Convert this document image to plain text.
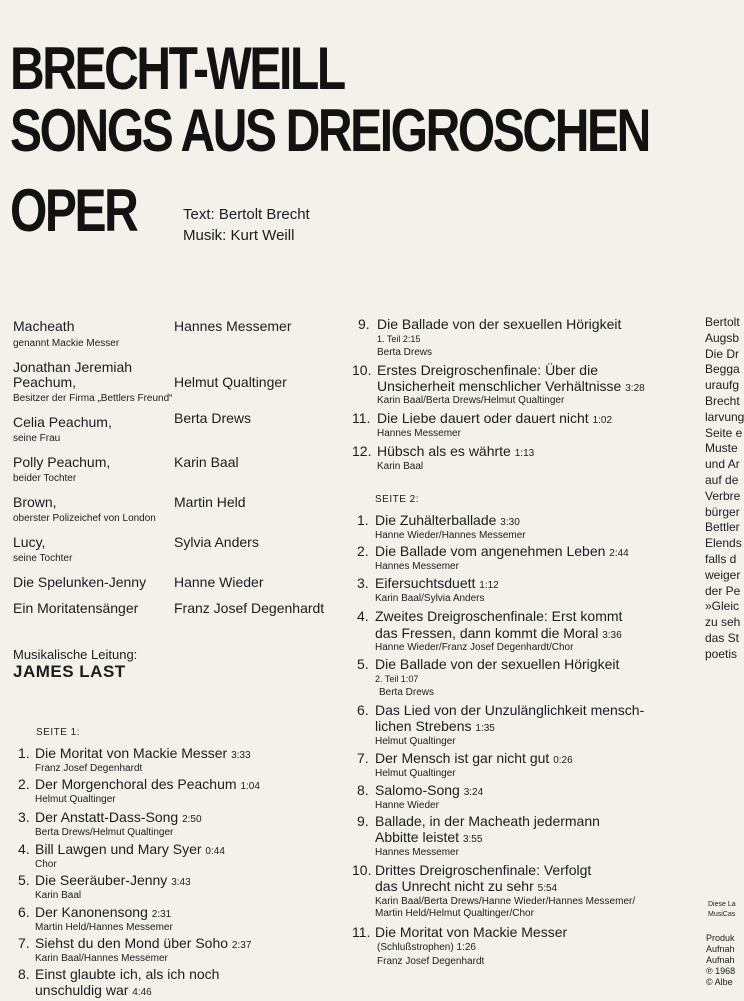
BRECHT-WEILL
SONGS AUS DREIGROSCHEN
OPER	Text: Bertolt Brecht
Musik: Kurt Weill
Macheath	Hannes Messemer
genannt Mackie Messer
Jonathan Jeremiah
Peachum,	Helmut Qualtinger
Besitzer der Firma „Bettlers Freund“
Celia Peachum,	Berta Drews
seine Frau
Polly Peachum,	Karin Baal
beider Tochter
Brown,	Martin Held
oberster Polizeichef von London
Lucy,	Sylvia Anders
seine Tochter
Die Spelunken-Jenny Hanne Wieder
Ein Moritatensänger	Franz Josef Degenhardt
Musikalische Leitung:
JAMES LAST
SEITE 1:
1. Die Moritat von Mackie Messer 3:33
Franz Josef Degenhardt
2. Der Morgenchoral des Peachum 1:04
Helmut Qualtinger
3. Der Anstatt-Dass-Song 2:50
Berta Drews/Helmut Qualtinger
4. Bill Lawgen und Mary Syer 0:44
Chor
5. Die Seeräuber-Jenny 3:43
Karin Baal
6. Der Kanonensong 2:31
Martin Held/Hannes Messemer
7. Siehst du den Mond über Soho 2:37
Karin Baal/Hannes Messemer
8. Einst glaubte ich, als ich noch
unschuldig war 4:46
9. Die Ballade von der sexuellen Hörigkeit
1. Teil 2:15
Berta Drews
10. Erstes Dreigroschenfinale: Über die
Unsicherheit menschlicher Verhältnisse 3:28
Karin Baal/Berta Drews/Helmut Qualtinger
11. Die Liebe dauert oder dauert nicht 1:02
Hannes Messemer
12. Hübsch als es währte 1:13
Karin Baal
SEITE 2:
1. Die Zuhälterballade 3:30
Hanne Wieder/Hannes Messemer
2. Die Ballade vom angenehmen Leben 2:44
Hannes Messemer
3. Eifersuchtsduett 1:12
Karin Baal/Sylvia Anders
4. Zweites Dreigroschenfinale: Erst kommt
das Fressen, dann kommt die Moral 3:36
Hanne Wieder/Franz Josef Degenhardt/Chor
5. Die Ballade von der sexuellen Hörigkeit
2. Teil 1:07
Berta Drews
6. Das Lied von der Unzulänglichkeit mensch-
lichen Strebens 1:35
Helmut Qualtinger
7. Der Mensch ist gar nicht gut 0:26
Helmut Qualtinger
8. Salomo-Song 3:24
Hanne Wieder
9. Ballade, in der Macheath jedermann
Abbitte leistet 3:55
Hannes Messemer
10. Drittes Dreigroschenfinale: Verfolgt
das Unrecht nicht zu sehr 5:54
Karin Baal/Berta Drews/Hanne Wieder/Hannes Messemer/
Martin Held/Helmut Qualtinger/Chor
11. Die Moritat von Mackie Messer
(Schlußstrophen) 1:26
Franz Josef Degenhardt
Bertolt
Augsb
Die Dr
Begga
uraufg
Brecht
larvung
Seite e
Muste
und Ar
auf de
Verbre
bürger
Bettler
Elends
falls d
weiger
der Pe
»Gleic
zu seh
das St
poetis
Diese La
MusiCas
Produk
Aufnah
Aufnah
℗ 1968
© Albe
